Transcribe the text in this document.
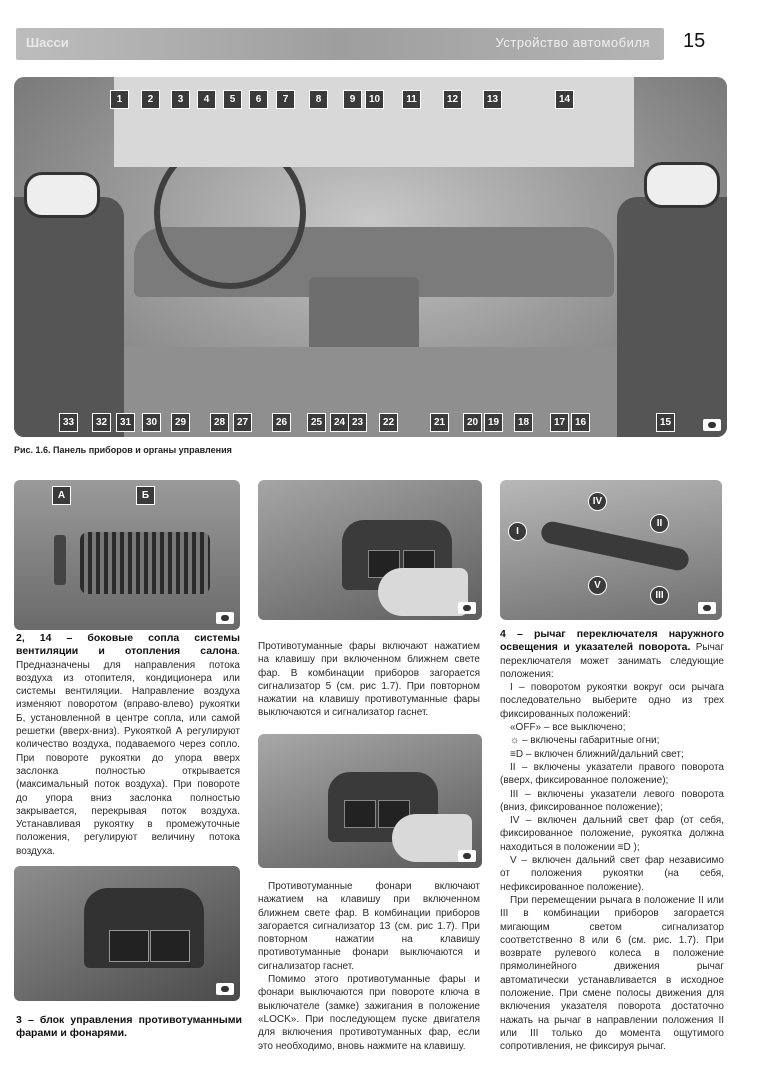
Шасси	Устройство автомобиля 15
1	2	3	4	5	6	7	8	9	10	11	12	13	14
33	32	31	30	29	28	27	26	25	24 23	22	21	20 19	18	17 16	15
Рис. 1.6. Панель приборов и органы управления
А	Б
I
II
III
IV
V
2, 14 – боковые сопла системы вентиляции и отопления салона. Предназначены для направления потока воздуха из отопителя, кондиционера или системы вентиляции. Направление воздуха изменяют поворотом (вправо-влево) рукоятки Б, установленной в центре сопла, или самой решетки (вверх-вниз). Рукояткой А регулируют количество воздуха, подаваемого через сопло. При повороте рукоятки до упора вверх заслонка полностью открывается (максимальный поток воздуха). При повороте до упора вниз заслонка полностью закрывается, перекрывая поток воздуха. Устанавливая рукоятку в промежуточные положения, регулируют величину потока воздуха.
3 – блок управления противотуманными фарами и фонарями.
Противотуманные фары включают нажатием на клавишу при включенном ближнем свете фар. В комбинации приборов загорается сигнализатор 5 (см. рис 1.7). При повторном нажатии на клавишу противотуманные фары выключаются и сигнализатор гаснет.
Противотуманные фонари включают нажатием на клавишу при включенном ближнем свете фар. В комбинации приборов загорается сигнализатор 13 (см. рис 1.7). При повторном нажатии на клавишу противотуманные фонари выключаются и сигнализатор гаснет.
Помимо этого противотуманные фары и фонари выключаются при повороте ключа в выключателе (замке) зажигания в положение «LOCK». При последующем пуске двигателя для включения противотуманных фар, если это необходимо, вновь нажмите на клавишу.
4 – рычаг переключателя наружного освещения и указателей поворота. Рычаг переключателя может занимать следующие положения:
I – поворотом рукоятки вокруг оси рычага последовательно выберите одно из трех фиксированных положений:
«OFF» – все выключено;
☼ – включены габаритные огни;
≡D – включен ближний/дальний свет;
II – включены указатели правого поворота (вверх, фиксированное положение);
III – включены указатели левого поворота (вниз, фиксированное положение);
IV – включен дальний свет фар (от себя, фиксированное положение, рукоятка должна находиться в положении ≡D );
V – включен дальний свет фар независимо от положения рукоятки (на себя, нефиксированное положение).
При перемещении рычага в положение II или III в комбинации приборов загорается мигающим светом сигнализатор соответственно 8 или 6 (см. рис. 1.7). При возврате рулевого колеса в положение прямолинейного движения рычаг автоматически устанавливается в исходное положение. При смене полосы движения для включения указателя поворота достаточно нажать на рычаг в направлении положения II или III только до момента ощутимого сопротивления, не фиксируя рычаг.
